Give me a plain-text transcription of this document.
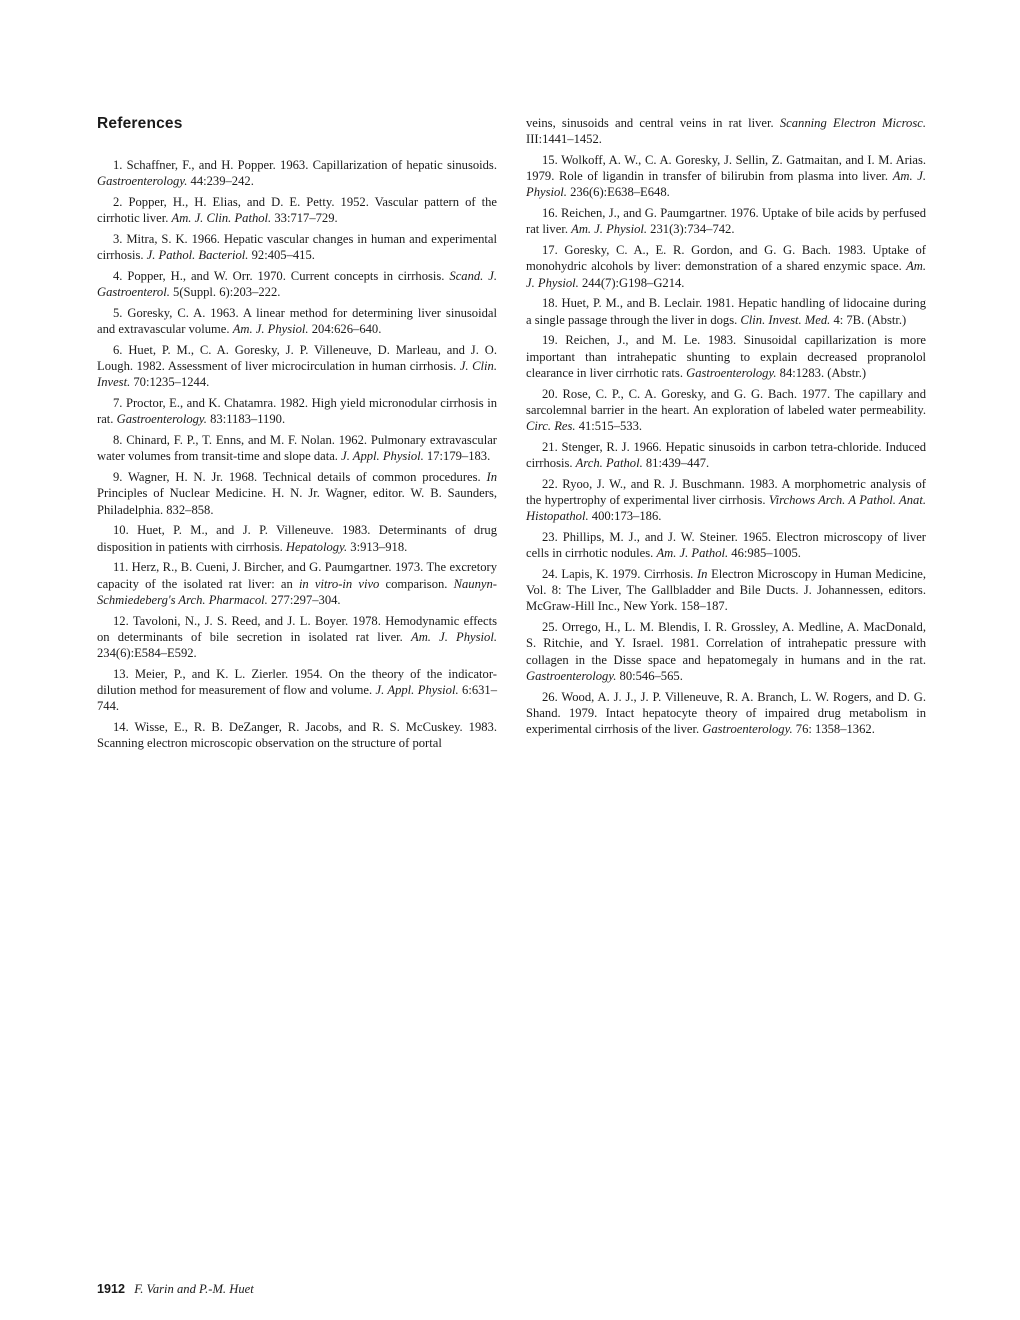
References

1. Schaffner, F., and H. Popper. 1963. Capillarization of hepatic sinusoids. Gastroenterology. 44:239–242.

2. Popper, H., H. Elias, and D. E. Petty. 1952. Vascular pattern of the cirrhotic liver. Am. J. Clin. Pathol. 33:717–729.

3. Mitra, S. K. 1966. Hepatic vascular changes in human and experimental cirrhosis. J. Pathol. Bacteriol. 92:405–415.

4. Popper, H., and W. Orr. 1970. Current concepts in cirrhosis. Scand. J. Gastroenterol. 5(Suppl. 6):203–222.

5. Goresky, C. A. 1963. A linear method for determining liver sinusoidal and extravascular volume. Am. J. Physiol. 204:626–640.

6. Huet, P. M., C. A. Goresky, J. P. Villeneuve, D. Marleau, and J. O. Lough. 1982. Assessment of liver microcirculation in human cirrhosis. J. Clin. Invest. 70:1235–1244.

7. Proctor, E., and K. Chatamra. 1982. High yield micronodular cirrhosis in rat. Gastroenterology. 83:1183–1190.

8. Chinard, F. P., T. Enns, and M. F. Nolan. 1962. Pulmonary extravascular water volumes from transit-time and slope data. J. Appl. Physiol. 17:179–183.

9. Wagner, H. N. Jr. 1968. Technical details of common procedures. In Principles of Nuclear Medicine. H. N. Jr. Wagner, editor. W. B. Saunders, Philadelphia. 832–858.

10. Huet, P. M., and J. P. Villeneuve. 1983. Determinants of drug disposition in patients with cirrhosis. Hepatology. 3:913–918.

11. Herz, R., B. Cueni, J. Bircher, and G. Paumgartner. 1973. The excretory capacity of the isolated rat liver: an in vitro-in vivo comparison. Naunyn-Schmiedeberg's Arch. Pharmacol. 277:297–304.

12. Tavoloni, N., J. S. Reed, and J. L. Boyer. 1978. Hemodynamic effects on determinants of bile secretion in isolated rat liver. Am. J. Physiol. 234(6):E584–E592.

13. Meier, P., and K. L. Zierler. 1954. On the theory of the indicator-dilution method for measurement of flow and volume. J. Appl. Physiol. 6:631–744.

14. Wisse, E., R. B. DeZanger, R. Jacobs, and R. S. McCuskey. 1983. Scanning electron microscopic observation on the structure of portal

veins, sinusoids and central veins in rat liver. Scanning Electron Microsc. III:1441–1452.

15. Wolkoff, A. W., C. A. Goresky, J. Sellin, Z. Gatmaitan, and I. M. Arias. 1979. Role of ligandin in transfer of bilirubin from plasma into liver. Am. J. Physiol. 236(6):E638–E648.

16. Reichen, J., and G. Paumgartner. 1976. Uptake of bile acids by perfused rat liver. Am. J. Physiol. 231(3):734–742.

17. Goresky, C. A., E. R. Gordon, and G. G. Bach. 1983. Uptake of monohydric alcohols by liver: demonstration of a shared enzymic space. Am. J. Physiol. 244(7):G198–G214.

18. Huet, P. M., and B. Leclair. 1981. Hepatic handling of lidocaine during a single passage through the liver in dogs. Clin. Invest. Med. 4: 7B. (Abstr.)

19. Reichen, J., and M. Le. 1983. Sinusoidal capillarization is more important than intrahepatic shunting to explain decreased propranolol clearance in liver cirrhotic rats. Gastroenterology. 84:1283. (Abstr.)

20. Rose, C. P., C. A. Goresky, and G. G. Bach. 1977. The capillary and sarcolemnal barrier in the heart. An exploration of labeled water permeability. Circ. Res. 41:515–533.

21. Stenger, R. J. 1966. Hepatic sinusoids in carbon tetra-chloride. Induced cirrhosis. Arch. Pathol. 81:439–447.

22. Ryoo, J. W., and R. J. Buschmann. 1983. A morphometric analysis of the hypertrophy of experimental liver cirrhosis. Virchows Arch. A Pathol. Anat. Histopathol. 400:173–186.

23. Phillips, M. J., and J. W. Steiner. 1965. Electron microscopy of liver cells in cirrhotic nodules. Am. J. Pathol. 46:985–1005.

24. Lapis, K. 1979. Cirrhosis. In Electron Microscopy in Human Medicine, Vol. 8: The Liver, The Gallbladder and Bile Ducts. J. Johannessen, editors. McGraw-Hill Inc., New York. 158–187.

25. Orrego, H., L. M. Blendis, I. R. Grossley, A. Medline, A. MacDonald, S. Ritchie, and Y. Israel. 1981. Correlation of intrahepatic pressure with collagen in the Disse space and hepatomegaly in humans and in the rat. Gastroenterology. 80:546–565.

26. Wood, A. J. J., J. P. Villeneuve, R. A. Branch, L. W. Rogers, and D. G. Shand. 1979. Intact hepatocyte theory of impaired drug metabolism in experimental cirrhosis of the liver. Gastroenterology. 76: 1358–1362.

1912 F. Varin and P.-M. Huet
